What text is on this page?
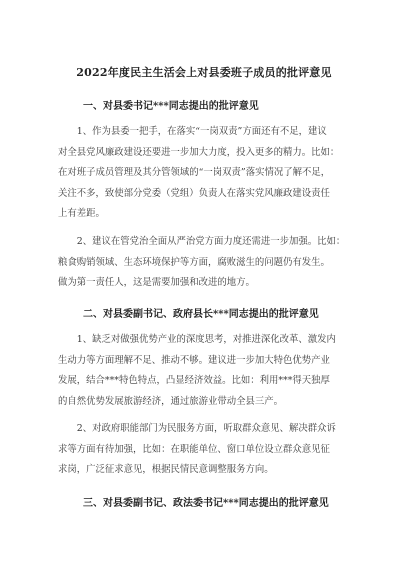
2022年度民主生活会上对县委班子成员的批评意见
一、对县委书记***同志提出的批评意见
1、作为县委一把手，在落实“一岗双责”方面还有不足，建议
对全县党风廉政建设还要进一步加大力度，投入更多的精力。比如：
在对班子成员管理及其分管领域的“一岗双责”落实情况了解不足，
关注不多，致使部分党委（党组）负责人在落实党风廉政建设责任
上有差距。
2、建议在管党治全面从严治党方面力度还需进一步加强。比如：
粮食购销领域、生态环境保护等方面，腐败滋生的问题仍有发生。
做为第一责任人，这是需要加强和改进的地方。
二、对县委副书记、政府县长***同志提出的批评意见
1、缺乏对做强优势产业的深度思考，对推进深化改革、激发内
生动力等方面理解不足、推动不够。建议进一步加大特色优势产业
发展，结合***特色特点，凸显经济效益。比如：利用***得天独厚
的自然优势发展旅游经济，通过旅游业带动全县三产。
2、对政府职能部门为民服务方面，听取群众意见、解决群众诉
求等方面有待加强，比如：在职能单位、窗口单位设立群众意见征
求岗，广泛征求意见，根据民情民意调整服务方向。
三、对县委副书记、政法委书记***同志提出的批评意见
